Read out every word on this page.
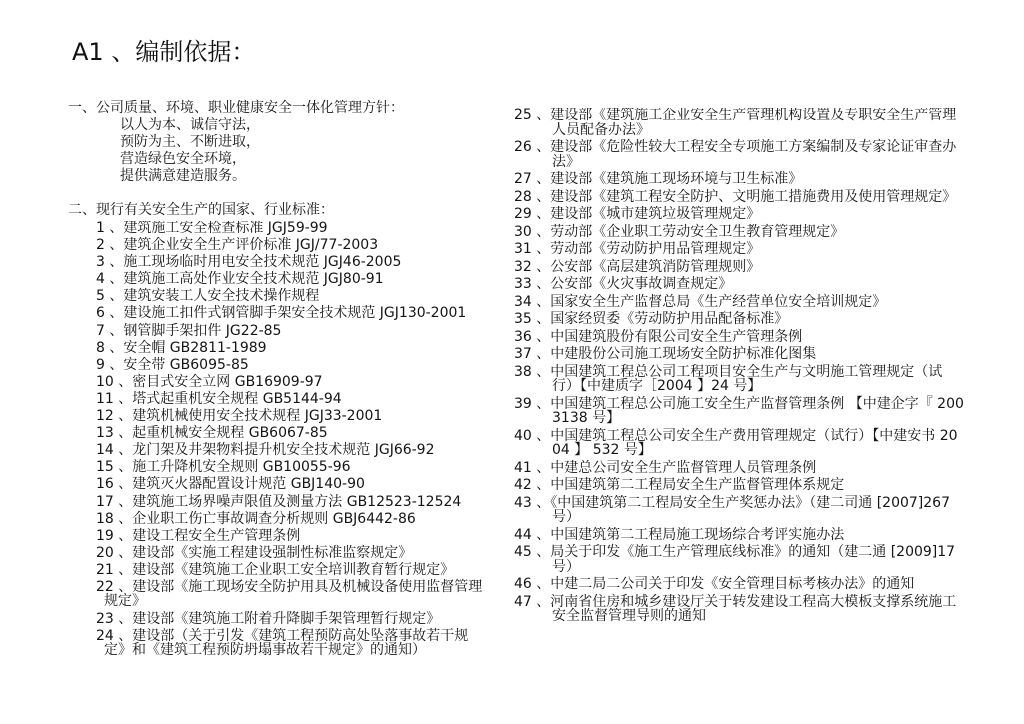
A1 、编制依据：
一、公司质量、环境、职业健康安全一体化管理方针：
以人为本、诚信守法，
预防为主、不断进取，
营造绿色安全环境，
提供满意建造服务。
二、现行有关安全生产的国家、行业标准：
1 、建筑施工安全检查标准 JGJ59-99
2 、建筑企业安全生产评价标准 JGJ/77-2003
3 、施工现场临时用电安全技术规范 JGJ46-2005
4 、建筑施工高处作业安全技术规范 JGJ80-91
5 、建筑安装工人安全技术操作规程
6 、建设施工扣件式钢管脚手架安全技术规范 JGJ130-2001
7 、钢管脚手架扣件 JG22-85
8 、安全帽 GB2811-1989
9 、安全带 GB6095-85
10 、密目式安全立网 GB16909-97
11 、塔式起重机安全规程 GB5144-94
12 、建筑机械使用安全技术规程 JGJ33-2001
13 、起重机械安全规程 GB6067-85
14 、龙门架及井架物料提升机安全技术规范 JGJ66-92
15 、施工升降机安全规则 GB10055-96
16 、建筑灭火器配置设计规范 GBJ140-90
17 、建筑施工场界噪声限值及测量方法 GB12523-12524
18 、企业职工伤亡事故调查分析规则 GBJ6442-86
19 、建设工程安全生产管理条例
20 、建设部《实施工程建设强制性标准监察规定》
21 、建设部《建筑施工企业职工安全培训教育暂行规定》
22 、建设部《施工现场安全防护用具及机械设备使用监督管理
规定》
23 、建设部《建筑施工附着升降脚手架管理暂行规定》
24 、建设部（关于引发《建筑工程预防高处坠落事故若干规
定》和《建筑工程预防坍塌事故若干规定》的通知）
25 、建设部《建筑施工企业安全生产管理机构设置及专职安全生产管理
人员配备办法》
26 、建设部《危险性较大工程安全专项施工方案编制及专家论证审查办
法》
27 、建设部《建筑施工现场环境与卫生标准》
28 、建设部《建筑工程安全防护、文明施工措施费用及使用管理规定》
29 、建设部《城市建筑垃圾管理规定》
30 、劳动部《企业职工劳动安全卫生教育管理规定》
31 、劳动部《劳动防护用品管理规定》
32 、公安部《高层建筑消防管理规则》
33 、公安部《火灾事故调查规定》
34 、国家安全生产监督总局《生产经营单位安全培训规定》
35 、国家经贸委《劳动防护用品配备标准》
36 、中国建筑股份有限公司安全生产管理条例
37 、中建股份公司施工现场安全防护标准化图集
38 、中国建筑工程总公司工程项目安全生产与文明施工管理规定（试
行）【中建质字［2004 】24 号】
39 、中国建筑工程总公司施工安全生产监督管理条例 【中建企字『 200
3138 号】
40 、中国建筑工程总公司安全生产费用管理规定（试行）【中建安书 20
04 】 532 号】
41 、中建总公司安全生产监督管理人员管理条例
42 、中国建筑第二工程局安全生产监督管理体系规定
43 、《中国建筑第二工程局安全生产奖惩办法》（建二司通 [2007]267
号）
44 、中国建筑第二工程局施工现场综合考评实施办法
45 、局关于印发《施工生产管理底线标准》的通知（建二通 [2009]17
号）
46 、中建二局二公司关于印发《安全管理目标考核办法》的通知
47 、河南省住房和城乡建设厅关于转发建设工程高大模板支撑系统施工
安全监督管理导则的通知
